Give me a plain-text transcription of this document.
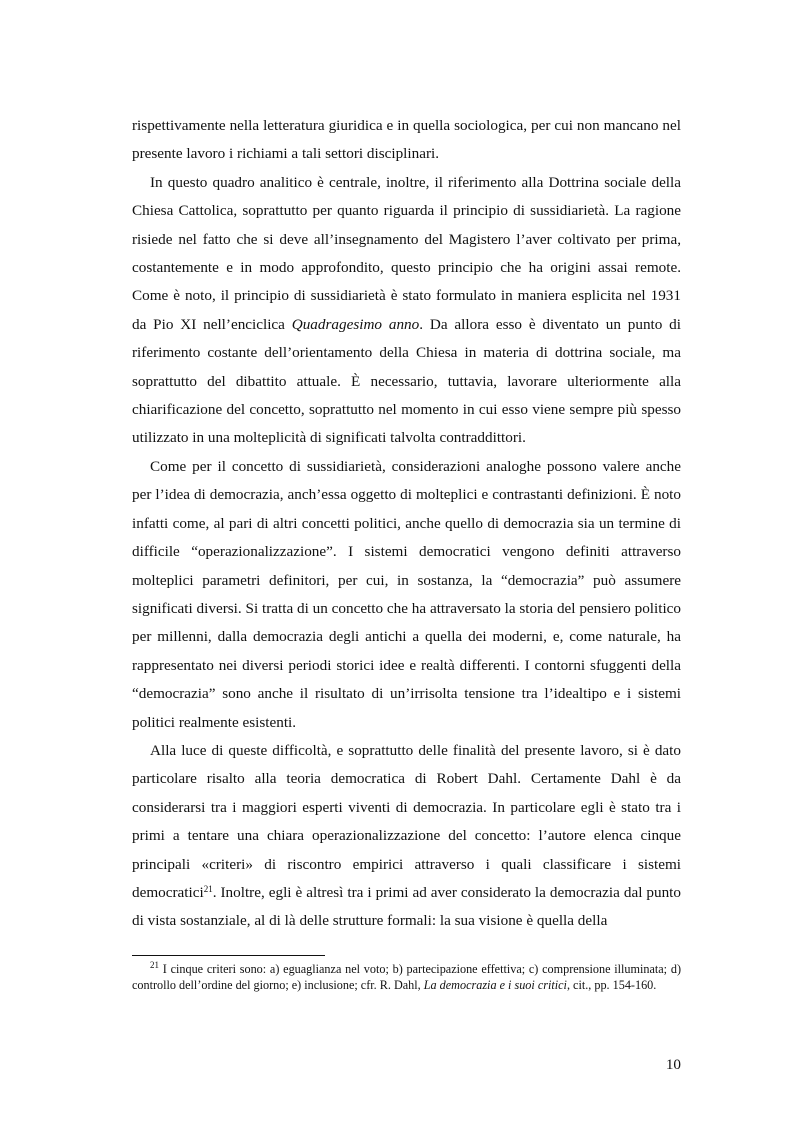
rispettivamente nella letteratura giuridica e in quella sociologica, per cui non mancano nel presente lavoro i richiami a tali settori disciplinari.

In questo quadro analitico è centrale, inoltre, il riferimento alla Dottrina sociale della Chiesa Cattolica, soprattutto per quanto riguarda il principio di sussidiarietà. La ragione risiede nel fatto che si deve all’insegnamento del Magistero l’aver coltivato per prima, costantemente e in modo approfondito, questo principio che ha origini assai remote. Come è noto, il principio di sussidiarietà è stato formulato in maniera esplicita nel 1931 da Pio XI nell’enciclica Quadragesimo anno. Da allora esso è diventato un punto di riferimento costante dell’orientamento della Chiesa in materia di dottrina sociale, ma soprattutto del dibattito attuale. È necessario, tuttavia, lavorare ulteriormente alla chiarificazione del concetto, soprattutto nel momento in cui esso viene sempre più spesso utilizzato in una molteplicità di significati talvolta contraddittori.

Come per il concetto di sussidiarietà, considerazioni analoghe possono valere anche per l’idea di democrazia, anch’essa oggetto di molteplici e contrastanti definizioni. È noto infatti come, al pari di altri concetti politici, anche quello di democrazia sia un termine di difficile “operazionalizzazione”. I sistemi democratici vengono definiti attraverso molteplici parametri definitori, per cui, in sostanza, la “democrazia” può assumere significati diversi. Si tratta di un concetto che ha attraversato la storia del pensiero politico per millenni, dalla democrazia degli antichi a quella dei moderni, e, come naturale, ha rappresentato nei diversi periodi storici idee e realtà differenti. I contorni sfuggenti della “democrazia” sono anche il risultato di un’irrisolta tensione tra l’idealtipo e i sistemi politici realmente esistenti.

Alla luce di queste difficoltà, e soprattutto delle finalità del presente lavoro, si è dato particolare risalto alla teoria democratica di Robert Dahl. Certamente Dahl è da considerarsi tra i maggiori esperti viventi di democrazia. In particolare egli è stato tra i primi a tentare una chiara operazionalizzazione del concetto: l’autore elenca cinque principali «criteri» di riscontro empirici attraverso i quali classificare i sistemi democratici$^{21}$. Inoltre, egli è altresì tra i primi ad aver considerato la democrazia dal punto di vista sostanziale, al di là delle strutture formali: la sua visione è quella della

$^{21}$ I cinque criteri sono: a) eguaglianza nel voto; b) partecipazione effettiva; c) comprensione illuminata; d) controllo dell’ordine del giorno; e) inclusione; cfr. R. Dahl, La democrazia e i suoi critici, cit., pp. 154-160.
10
